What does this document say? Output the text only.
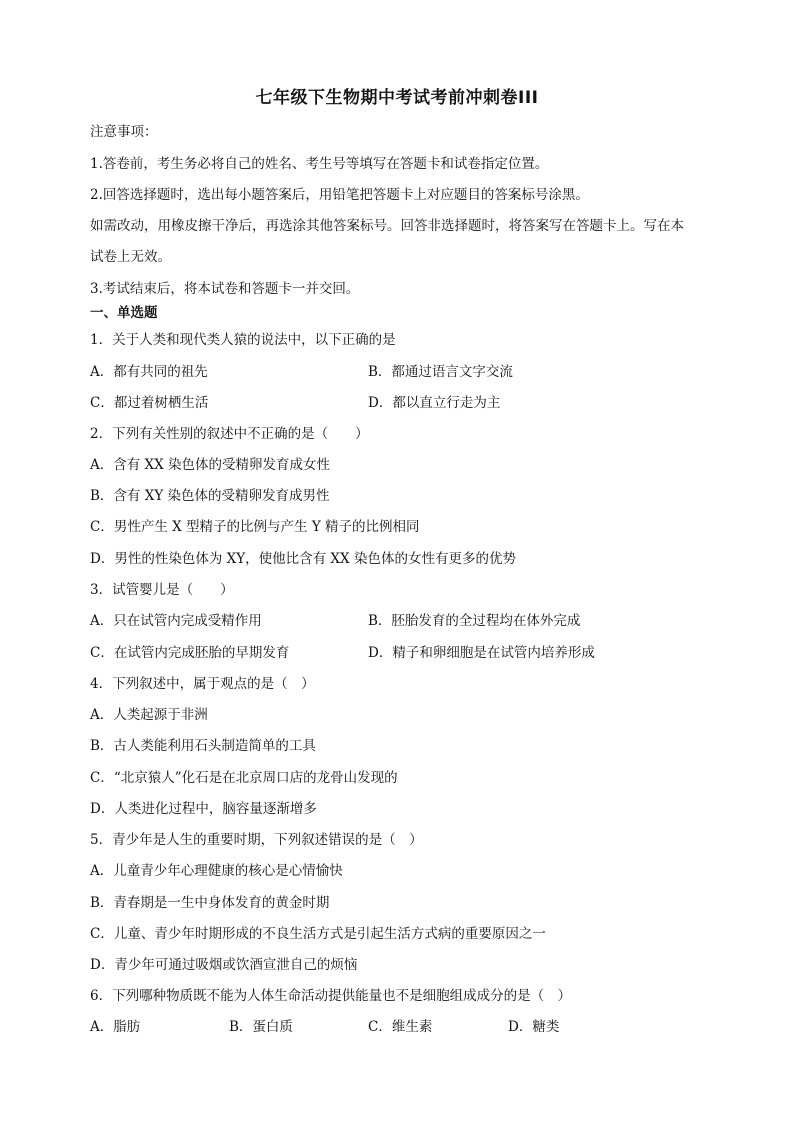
七年级下生物期中考试考前冲刺卷III
注意事项：
1.答卷前，考生务必将自己的姓名、考生号等填写在答题卡和试卷指定位置。
2.回答选择题时，选出每小题答案后，用铅笔把答题卡上对应题目的答案标号涂黑。
如需改动，用橡皮擦干净后，再选涂其他答案标号。回答非选择题时，将答案写在答题卡上。写在本
试卷上无效。
3.考试结束后，将本试卷和答题卡一并交回。
一、单选题
1．关于人类和现代类人猿的说法中，以下正确的是
A．都有共同的祖先	B．都通过语言文字交流
C．都过着树栖生活	D．都以直立行走为主
2．下列有关性别的叙述中不正确的是（　　）
A．含有 XX 染色体的受精卵发育成女性
B．含有 XY 染色体的受精卵发育成男性
C．男性产生 X 型精子的比例与产生 Y 精子的比例相同
D．男性的性染色体为 XY，使他比含有 XX 染色体的女性有更多的优势
3．试管婴儿是（　　）
A．只在试管内完成受精作用	B．胚胎发育的全过程均在体外完成
C．在试管内完成胚胎的早期发育	D．精子和卵细胞是在试管内培养形成
4．下列叙述中，属于观点的是（　）
A．人类起源于非洲
B．古人类能利用石头制造简单的工具
C．“北京猿人”化石是在北京周口店的龙骨山发现的
D．人类进化过程中，脑容量逐渐增多
5．青少年是人生的重要时期，下列叙述错误的是（　）
A．儿童青少年心理健康的核心是心情愉快
B．青春期是一生中身体发育的黄金时期
C．儿童、青少年时期形成的不良生活方式是引起生活方式病的重要原因之一
D．青少年可通过吸烟或饮酒宣泄自己的烦恼
6．下列哪种物质既不能为人体生命活动提供能量也不是细胞组成成分的是（　）
A．脂肪	B．蛋白质	C．维生素	D．糖类
